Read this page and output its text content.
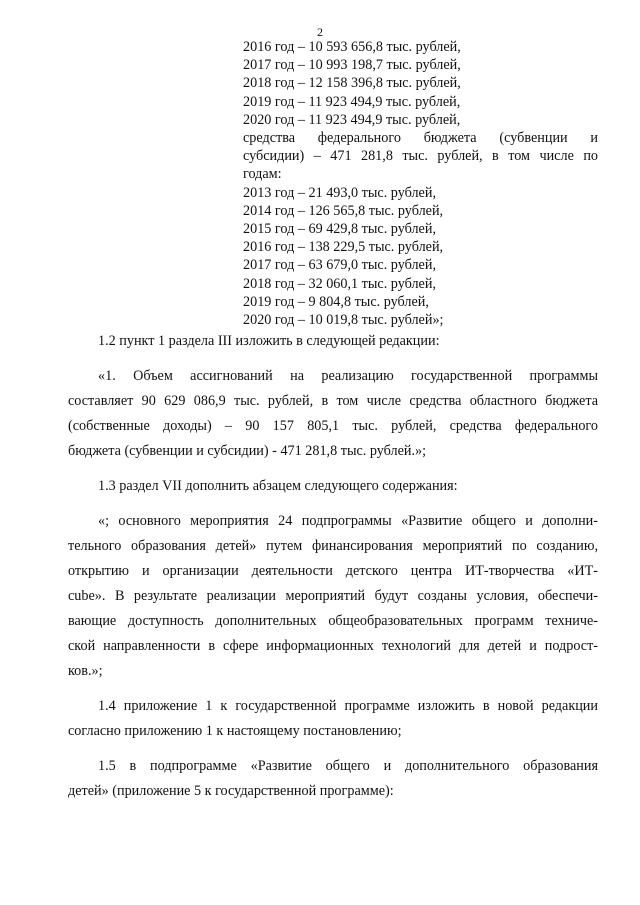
2
2016 год – 10 593 656,8 тыс. рублей,
2017 год – 10 993 198,7 тыс. рублей,
2018 год – 12 158 396,8 тыс. рублей,
2019 год – 11 923 494,9 тыс. рублей,
2020 год – 11 923 494,9 тыс. рублей,
средства федерального бюджета (субвенции и
субсидии) – 471 281,8 тыс. рублей, в том числе по
годам:
2013 год – 21 493,0 тыс. рублей,
2014 год – 126 565,8 тыс. рублей,
2015 год – 69 429,8 тыс. рублей,
2016 год – 138 229,5 тыс. рублей,
2017 год – 63 679,0 тыс. рублей,
2018 год – 32 060,1 тыс. рублей,
2019 год – 9 804,8 тыс. рублей,
2020 год – 10 019,8 тыс. рублей»;
1.2 пункт 1 раздела III изложить в следующей редакции:
«1. Объем ассигнований на реализацию государственной программы
составляет 90 629 086,9 тыс. рублей, в том числе средства областного бюджета
(собственные доходы) – 90 157 805,1 тыс. рублей, средства федерального
бюджета (субвенции и субсидии) - 471 281,8 тыс. рублей.»;
1.3 раздел VII дополнить абзацем следующего содержания:
«; основного мероприятия 24 подпрограммы «Развитие общего и дополни-
тельного образования детей» путем финансирования мероприятий по созданию,
открытию и организации деятельности детского центра ИТ-творчества «ИТ-
cube». В результате реализации мероприятий будут созданы условия, обеспечи-
вающие доступность дополнительных общеобразовательных программ техниче-
ской направленности в сфере информационных технологий для детей и подрост-
ков.»;
1.4 приложение 1 к государственной программе изложить в новой редакции
согласно приложению 1 к настоящему постановлению;
1.5 в подпрограмме «Развитие общего и дополнительного образования
детей» (приложение 5 к государственной программе):
